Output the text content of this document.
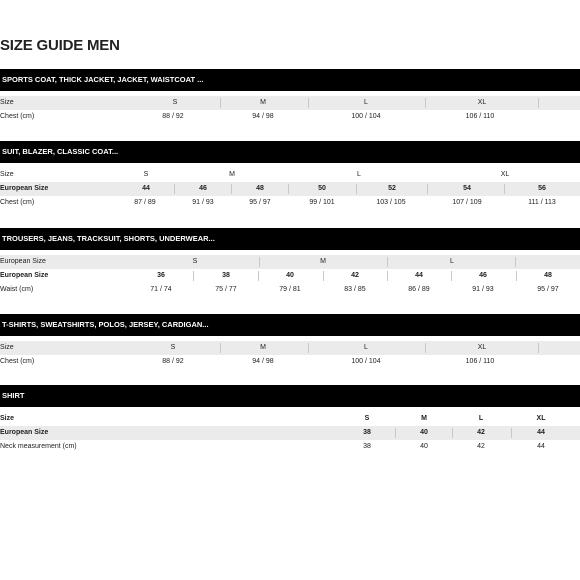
SIZE GUIDE MEN
SPORTS COAT, THICK JACKET, JACKET, WAISTCOAT ...
Size	S	M	L	XL
Chest (cm)	88 / 92	94 / 98	100 / 104	106 / 110
SUIT, BLAZER, CLASSIC COAT...
Size	S	M	L	XL
European Size	44	46	48	50	52	54	56
Chest (cm)	87 / 89	91 / 93	95 / 97	99 / 101	103 / 105	107 / 109	111 / 113
TROUSERS, JEANS, TRACKSUIT, SHORTS, UNDERWEAR...
European Size	S	M	L
European Size	36	38	40	42	44	46	48
Waist (cm)	71 / 74	75 / 77	79 / 81	83 / 85	86 / 89	91 / 93	95 / 97
T-SHIRTS, SWEATSHIRTS, POLOS, JERSEY, CARDIGAN...
Size	S	M	L	XL
Chest (cm)	88 / 92	94 / 98	100 / 104	106 / 110
SHIRT
Size	S	M	L	XL
European Size	38	40	42	44
Neck measurement (cm)	38	40	42	44
